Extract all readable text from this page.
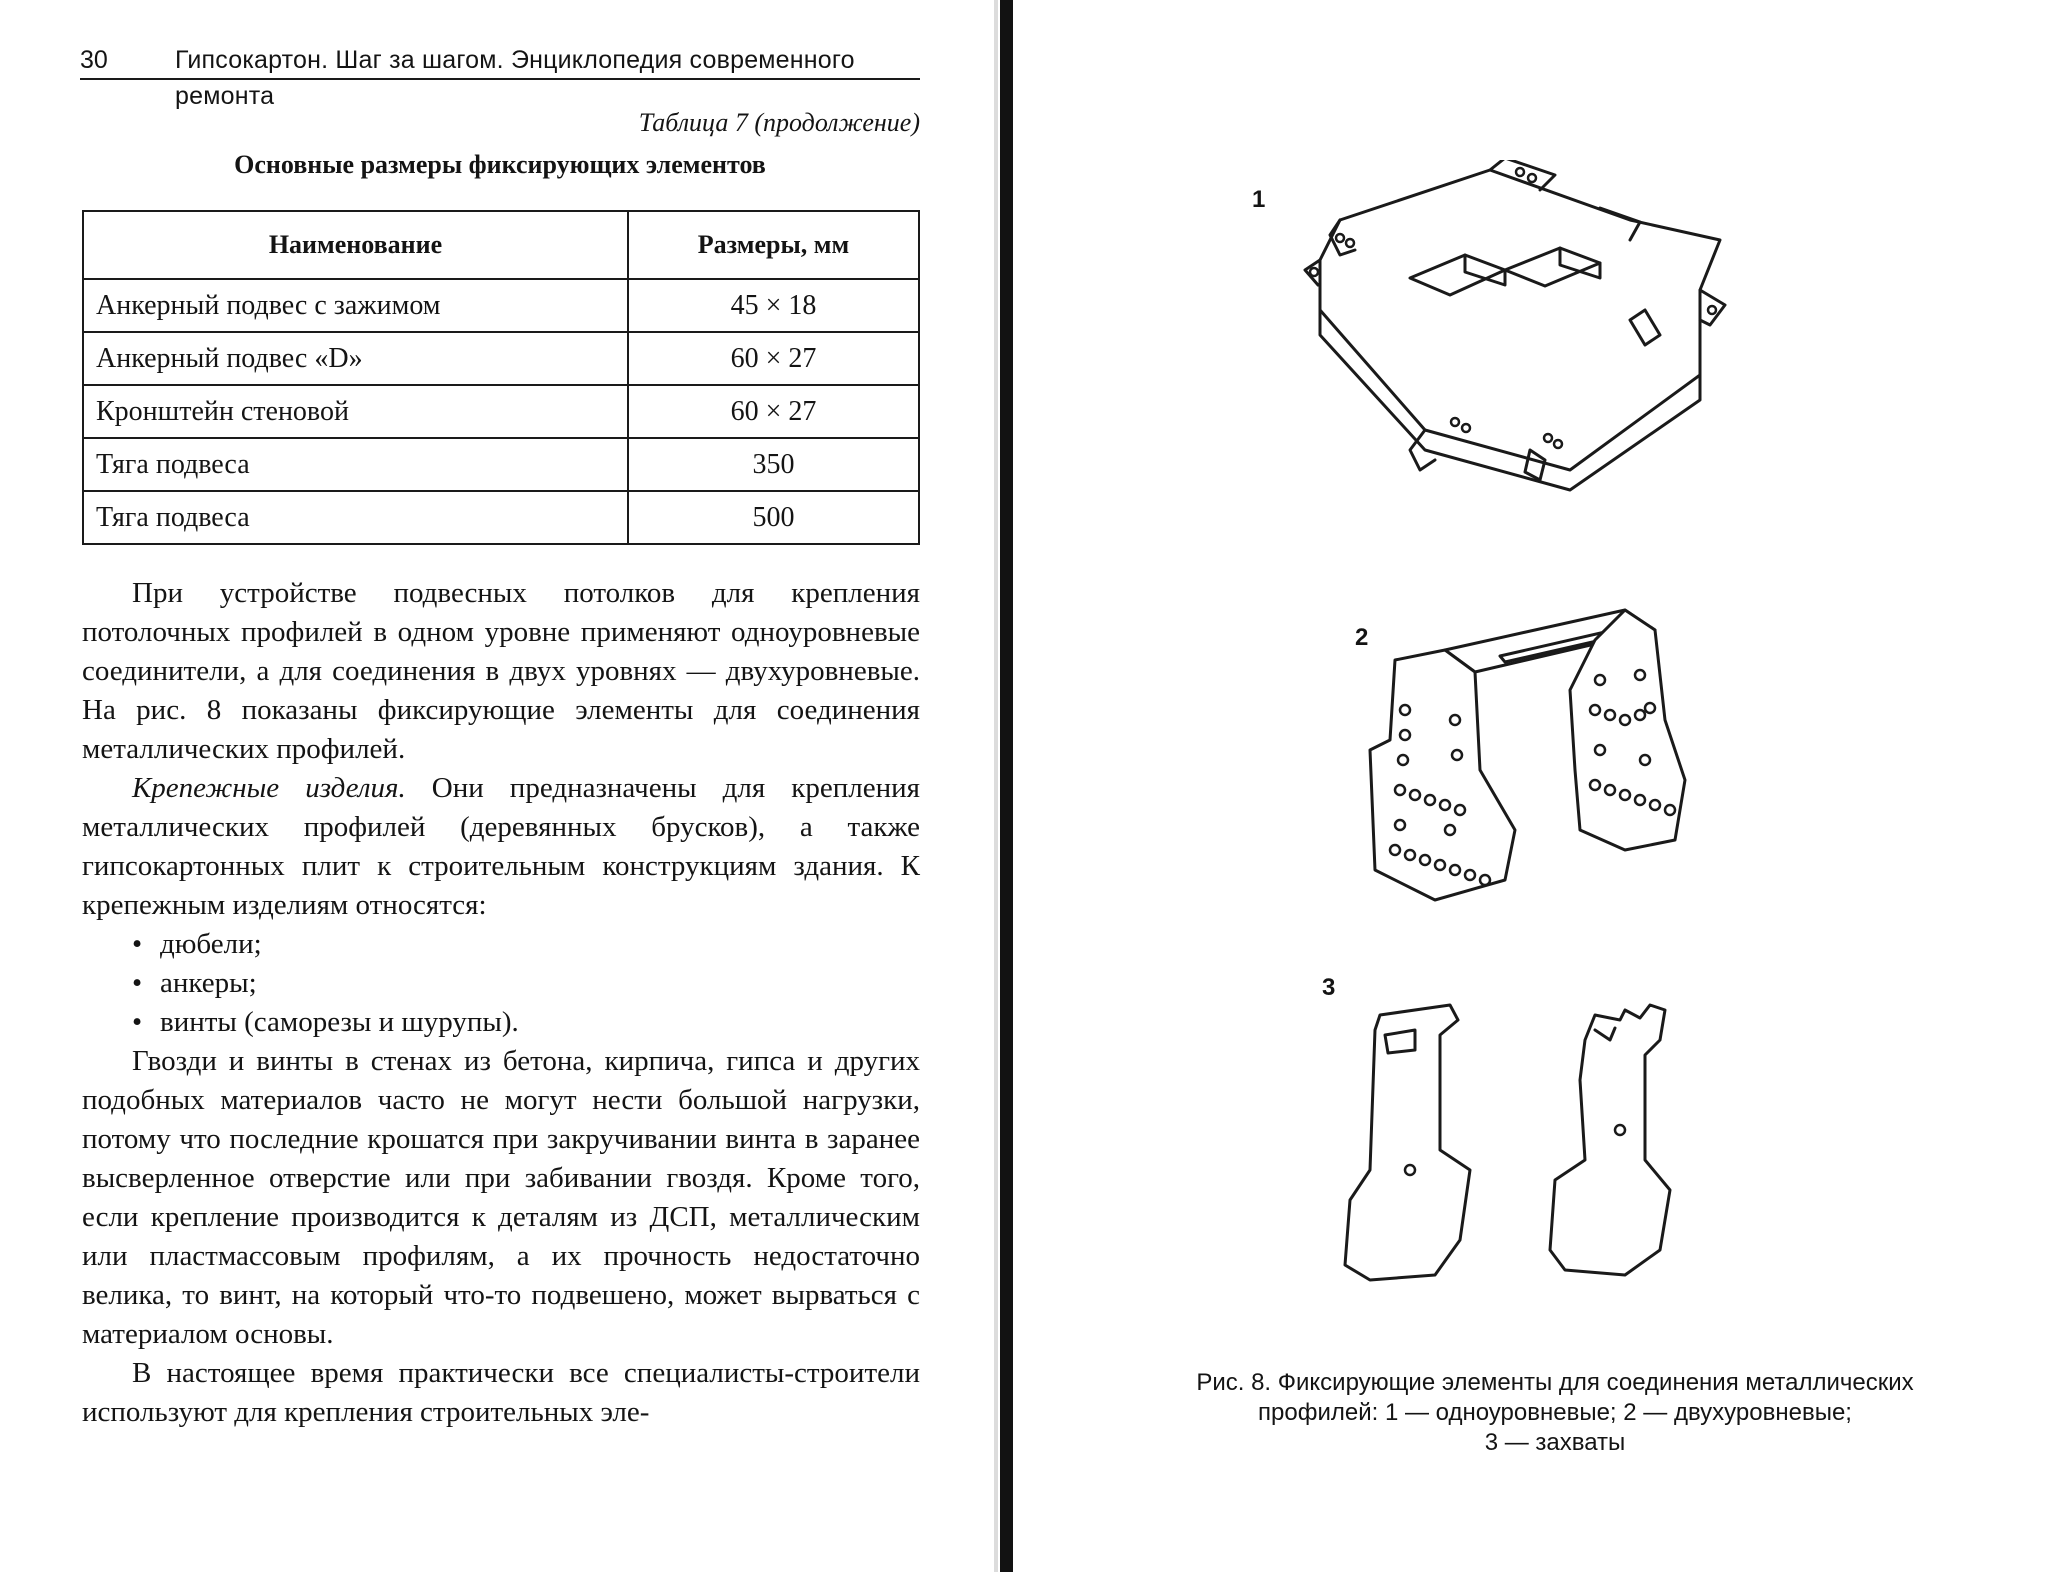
30	Гипсокартон. Шаг за шагом. Энциклопедия современного ремонта
Таблица 7 (продолжение)
Основные размеры фиксирующих элементов
Наименование	Размеры, мм
Анкерный подвес с зажимом	45 × 18
Анкерный подвес «D»	60 × 27
Кронштейн стеновой	60 × 27
Тяга подвеса	350
Тяга подвеса	500

При устройстве подвесных потолков для крепления потолочных профилей в одном уровне применяют одноуровневые соединители, а для соединения в двух уровнях — двухуровневые. На рис. 8 показаны фиксирующие элементы для соединения металлических профилей.

Крепежные изделия. Они предназначены для крепления металлических профилей (деревянных брусков), а также гипсокартонных плит к строительным конструкциям здания. К крепежным изделиям относятся:

• дюбели;
• анкеры;
• винты (саморезы и шурупы).

Гвозди и винты в стенах из бетона, кирпича, гипса и других подобных материалов часто не могут нести большой нагрузки, потому что последние крошатся при закручивании винта в заранее высверленное отверстие или при забивании гвоздя. Кроме того, если крепление производится к деталям из ДСП, металлическим или пластмассовым профилям, а их прочность недостаточно велика, то винт, на который что-то подвешено, может вырваться с материалом основы.

В настоящее время практически все специалисты-строители используют для крепления строительных эле-

1
2
3
Рис. 8. Фиксирующие элементы для соединения металлических
профилей: 1 — одноуровневые; 2 — двухуровневые;
3 — захваты
